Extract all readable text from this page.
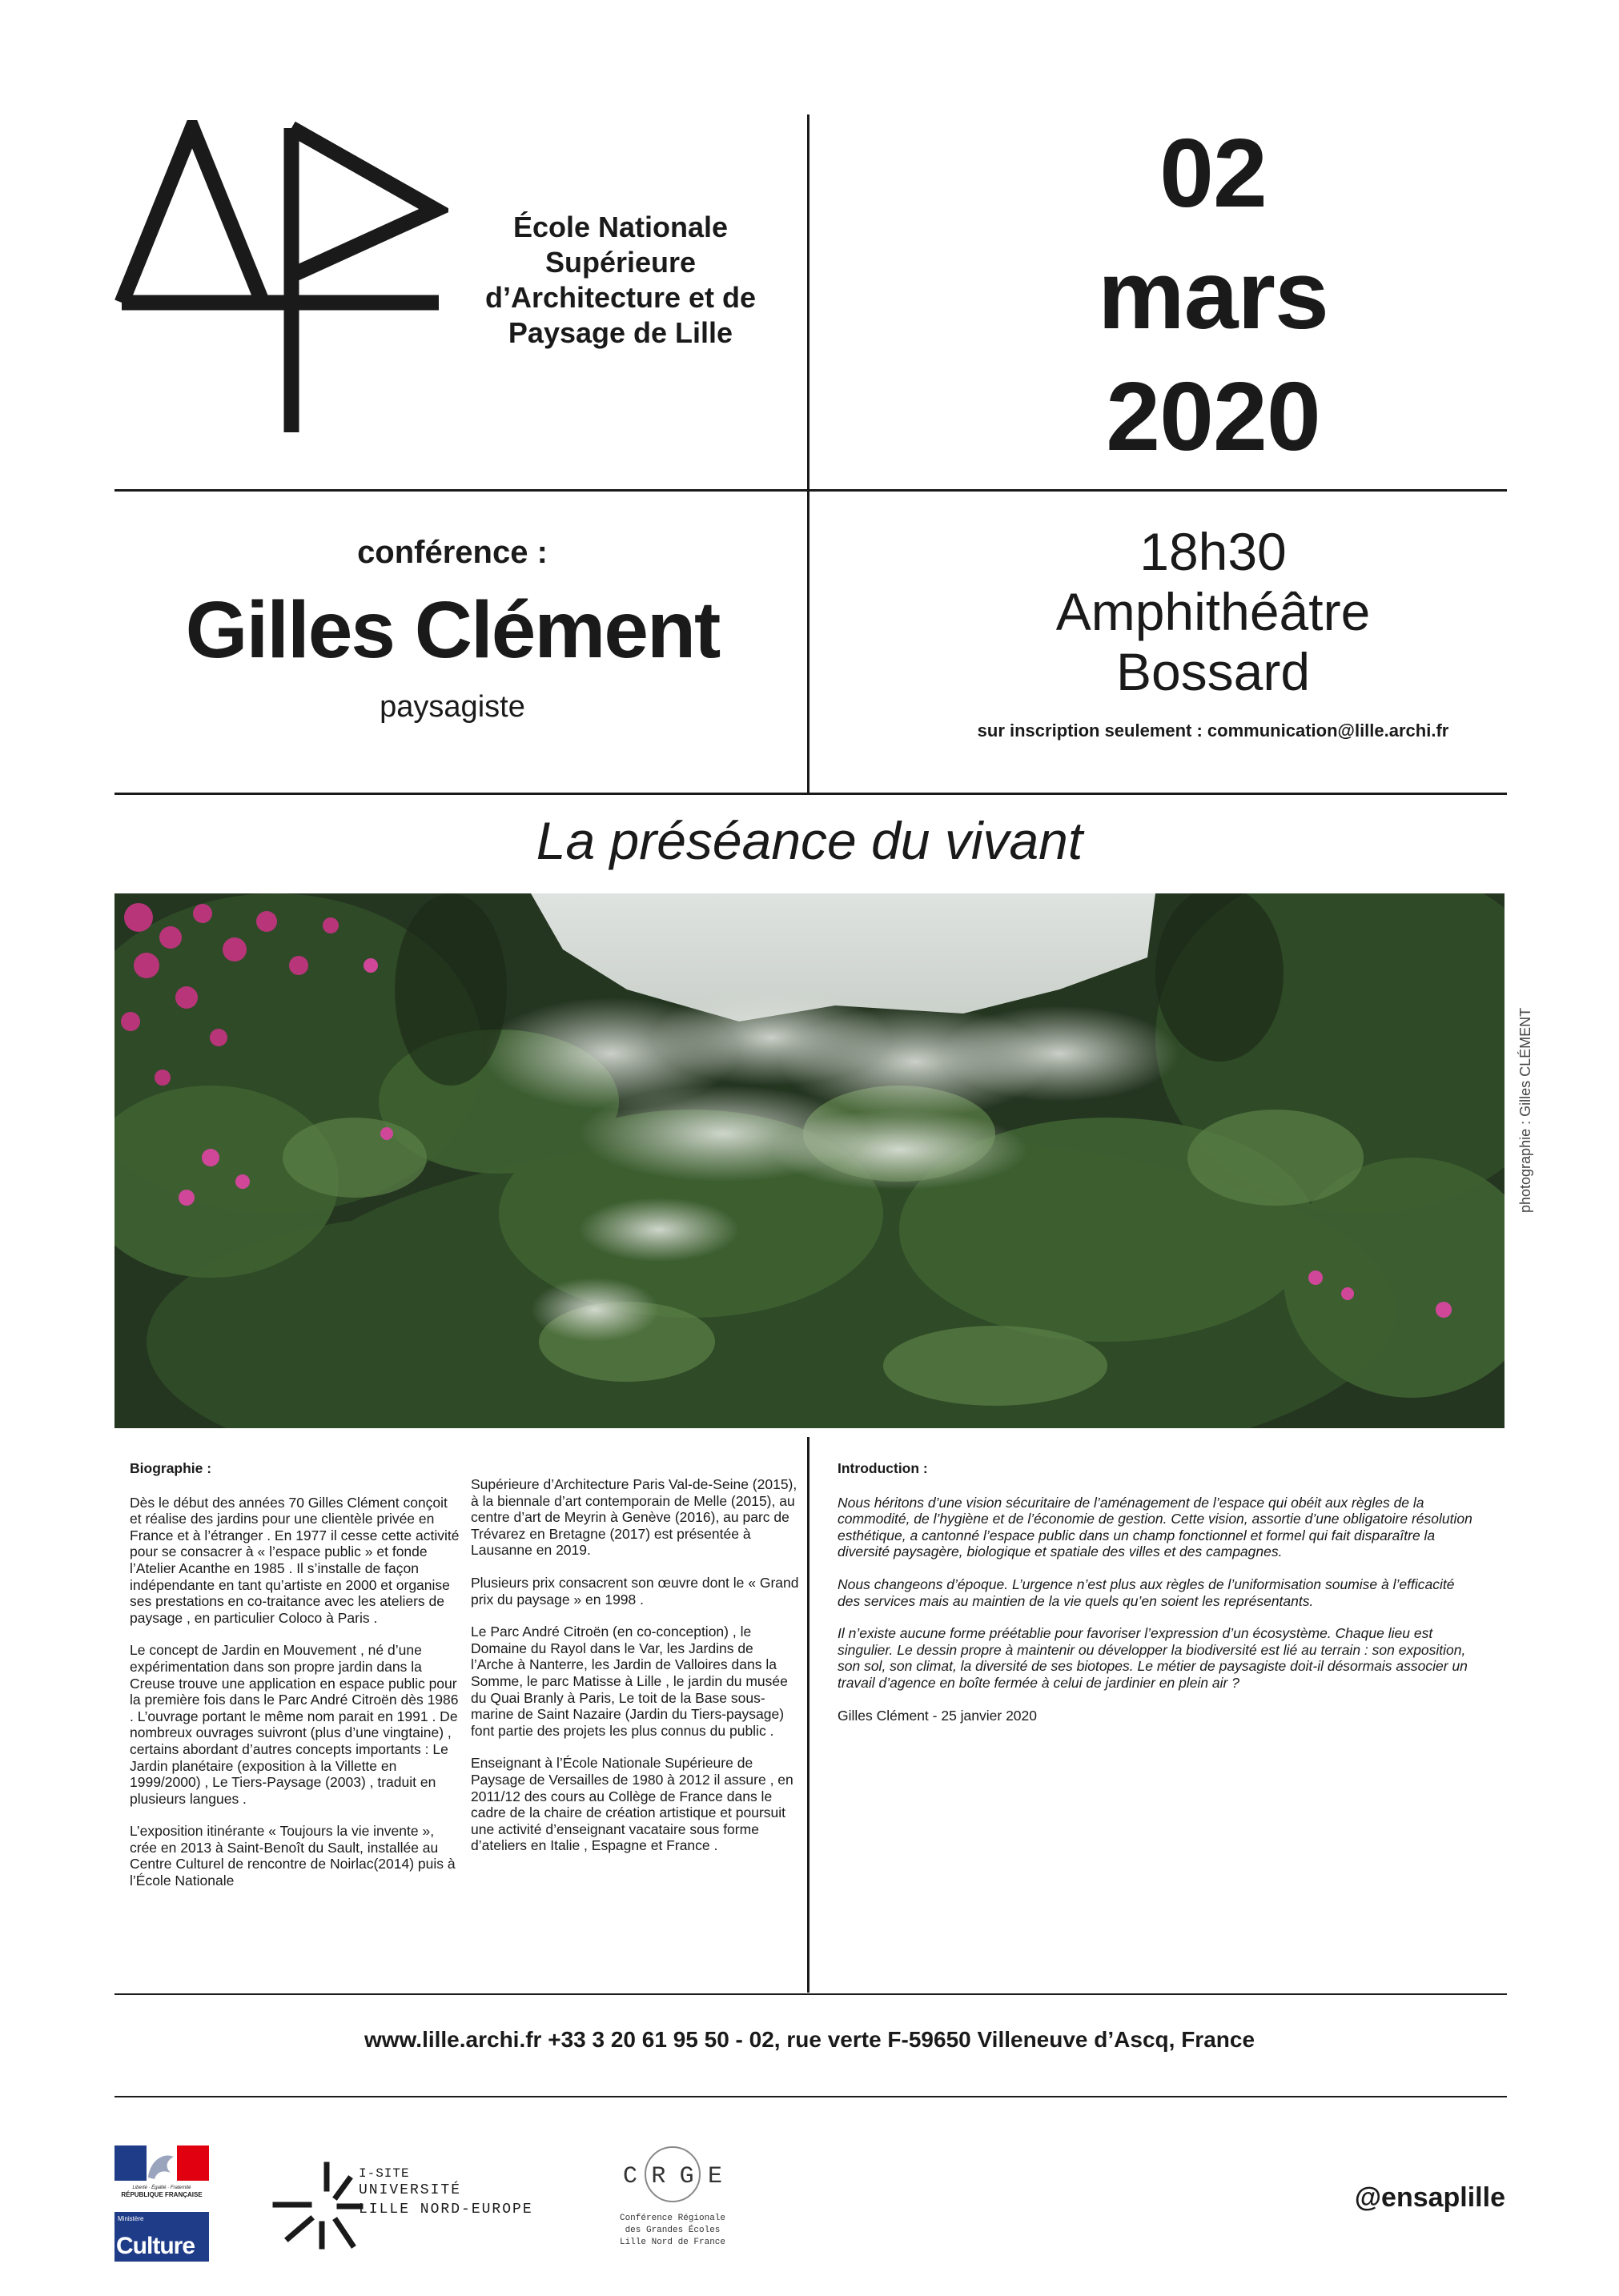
École Nationale
Supérieure
d’Architecture et de
Paysage de Lille
02
mars
2020
conférence :
Gilles Clément
paysagiste
18h30
Amphithéâtre
Bossard
sur inscription seulement : communication@lille.archi.fr
La préséance du vivant
photographie : Gilles CLÉMENT

Biographie :

Dès le début des années 70 Gilles Clément conçoit et réalise des jardins pour une clientèle privée en France et à l’étranger . En 1977 il cesse cette activité pour se consacrer à « l’espace public » et fonde l’Atelier Acanthe en 1985 . Il s’installe de façon indépendante en tant qu’artiste en 2000 et organise ses prestations en co-traitance avec les ateliers de paysage , en particulier Coloco à Paris .

Le concept de Jardin en Mouvement , né d’une expérimentation dans son propre jardin dans la Creuse trouve une application en espace public pour la première fois dans le Parc André Citroën dès 1986 . L’ouvrage portant le même nom parait en 1991 . De nombreux ouvrages suivront (plus d’une vingtaine) , certains abordant d’autres concepts importants : Le Jardin planétaire (exposition à la Villette en 1999/2000) , Le Tiers-Paysage (2003) , traduit en plusieurs langues .

L’exposition itinérante « Toujours la vie invente », crée en 2013 à Saint-Benoît du Sault, installée au Centre Culturel de rencontre de Noirlac(2014) puis à l’École Nationale

Supérieure d’Architecture Paris Val-de-Seine (2015), à la biennale d’art contemporain de Melle (2015), au centre d’art de Meyrin à Genève (2016), au parc de Trévarez en Bretagne (2017) est présentée à Lausanne en 2019.

Plusieurs prix consacrent son œuvre dont le « Grand prix du paysage » en 1998 .

Le Parc André Citroën (en co-conception) , le Domaine du Rayol dans le Var, les Jardins de l’Arche à Nanterre, les Jardin de Valloires dans la Somme, le parc Matisse à Lille , le jardin du musée du Quai Branly à Paris, Le toit de la Base sous-marine de Saint Nazaire (Jardin du Tiers-paysage) font partie des projets les plus connus du public .

Enseignant à l’École Nationale Supérieure de Paysage de Versailles de 1980 à 2012 il assure , en 2011/12 des cours au Collège de France dans le cadre de la chaire de création artistique et poursuit une activité d’enseignant vacataire sous forme d’ateliers en Italie , Espagne et France .

Introduction :

Nous héritons d’une vision sécuritaire de l’aménagement de l’espace qui obéit aux règles de la commodité, de l’hygiène et de l’économie de gestion. Cette vision, assortie d’une obligatoire résolution esthétique, a cantonné l’espace public dans un champ fonctionnel et formel qui fait disparaître la diversité paysagère, biologique et spatiale des villes et des campagnes.

Nous changeons d’époque. L’urgence n’est plus aux règles de l’uniformisation soumise à l’efficacité des services mais au maintien de la vie quels qu’en soient les représentants.

Il n’existe aucune forme préétablie pour favoriser l’expression d’un écosystème. Chaque lieu est singulier. Le dessin propre à maintenir ou développer la biodiversité est lié au terrain : son exposition, son sol, son climat, la diversité de ses biotopes. Le métier de paysagiste doit-il désormais associer un travail d’agence en boîte fermée à celui de jardinier en plein air ?

Gilles Clément - 25 janvier 2020

www.lille.archi.fr +33 3 20 61 95 50 - 02, rue verte F-59650 Villeneuve d’Ascq, France
Liberté · Égalité · Fraternité
RÉPUBLIQUE FRANÇAISE
Ministère
Culture
I-SITE
UNIVERSITÉ
LILLE NORD-EUROPE
C R G E
Conférence Régionale
des Grandes Écoles
Lille Nord de France
@ensaplille
